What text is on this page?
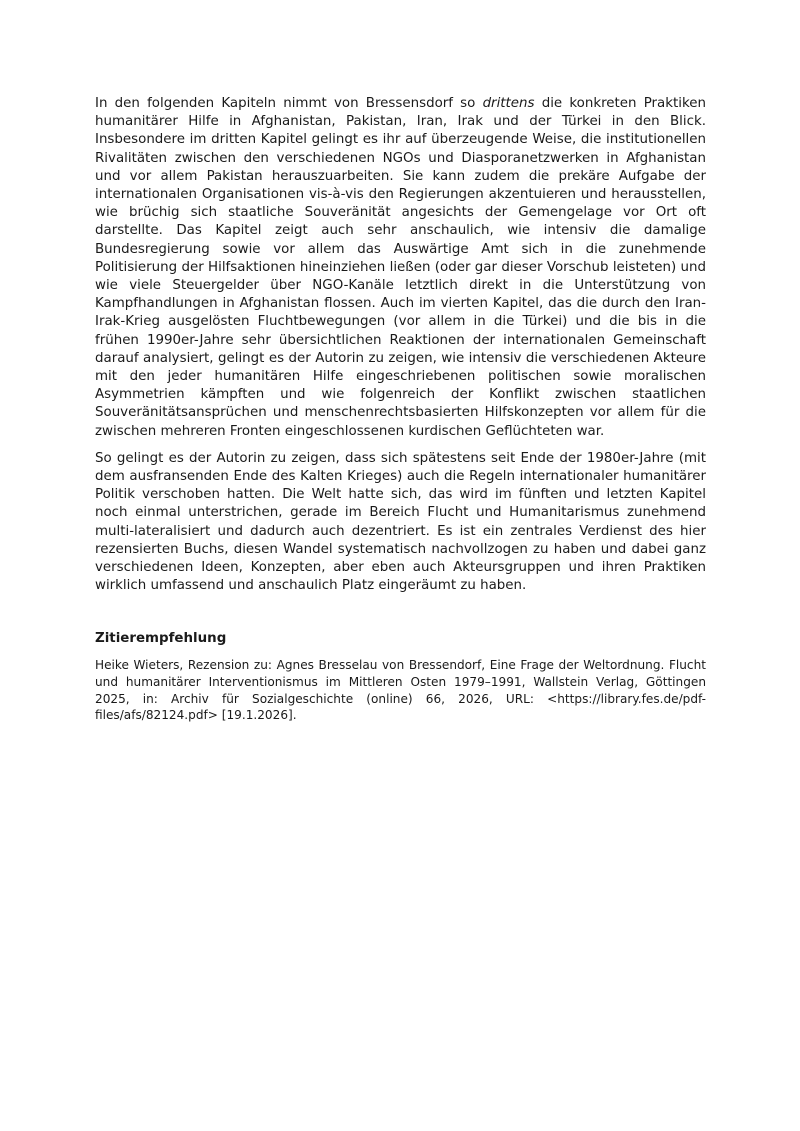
In den folgenden Kapiteln nimmt von Bressensdorf so drittens die konkreten Praktiken humanitärer Hilfe in Afghanistan, Pakistan, Iran, Irak und der Türkei in den Blick. Insbesondere im dritten Kapitel gelingt es ihr auf überzeugende Weise, die institutionellen Rivalitäten zwischen den verschiedenen NGOs und Diasporanetzwerken in Afghanistan und vor allem Pakistan herauszuarbeiten. Sie kann zudem die prekäre Aufgabe der internationalen Organisationen vis-à-vis den Regierungen akzentuieren und herausstellen, wie brüchig sich staatliche Souveränität angesichts der Gemengelage vor Ort oft darstellte. Das Kapitel zeigt auch sehr anschaulich, wie intensiv die damalige Bundesregierung sowie vor allem das Auswärtige Amt sich in die zunehmende Politisierung der Hilfsaktionen hineinziehen ließen (oder gar dieser Vorschub leisteten) und wie viele Steuergelder über NGO-Kanäle letztlich direkt in die Unterstützung von Kampfhandlungen in Afghanistan flossen. Auch im vierten Kapitel, das die durch den Iran-Irak-Krieg ausgelösten Fluchtbewegungen (vor allem in die Türkei) und die bis in die frühen 1990er-Jahre sehr übersichtlichen Reaktionen der internationalen Gemeinschaft darauf analysiert, gelingt es der Autorin zu zeigen, wie intensiv die verschiedenen Akteure mit den jeder humanitären Hilfe eingeschriebenen politischen sowie moralischen Asymmetrien kämpften und wie folgenreich der Konflikt zwischen staatlichen Souveränitätsansprüchen und menschenrechtsbasierten Hilfskonzepten vor allem für die zwischen mehreren Fronten eingeschlossenen kurdischen Geflüchteten war.

So gelingt es der Autorin zu zeigen, dass sich spätestens seit Ende der 1980er-Jahre (mit dem ausfransenden Ende des Kalten Krieges) auch die Regeln internationaler humanitärer Politik verschoben hatten. Die Welt hatte sich, das wird im fünften und letzten Kapitel noch einmal unterstrichen, gerade im Bereich Flucht und Humanitarismus zunehmend multi-lateralisiert und dadurch auch dezentriert. Es ist ein zentrales Verdienst des hier rezensierten Buchs, diesen Wandel systematisch nachvollzogen zu haben und dabei ganz verschiedenen Ideen, Konzepten, aber eben auch Akteursgruppen und ihren Praktiken wirklich umfassend und anschaulich Platz eingeräumt zu haben.

Zitierempfehlung

Heike Wieters, Rezension zu: Agnes Bresselau von Bressendorf, Eine Frage der Weltordnung. Flucht und humanitärer Interventionismus im Mittleren Osten 1979–1991, Wallstein Verlag, Göttingen 2025, in: Archiv für Sozialgeschichte (online) 66, 2026, URL: <https://library.fes.de/pdf-files/afs/82124.pdf> [19.1.2026].
